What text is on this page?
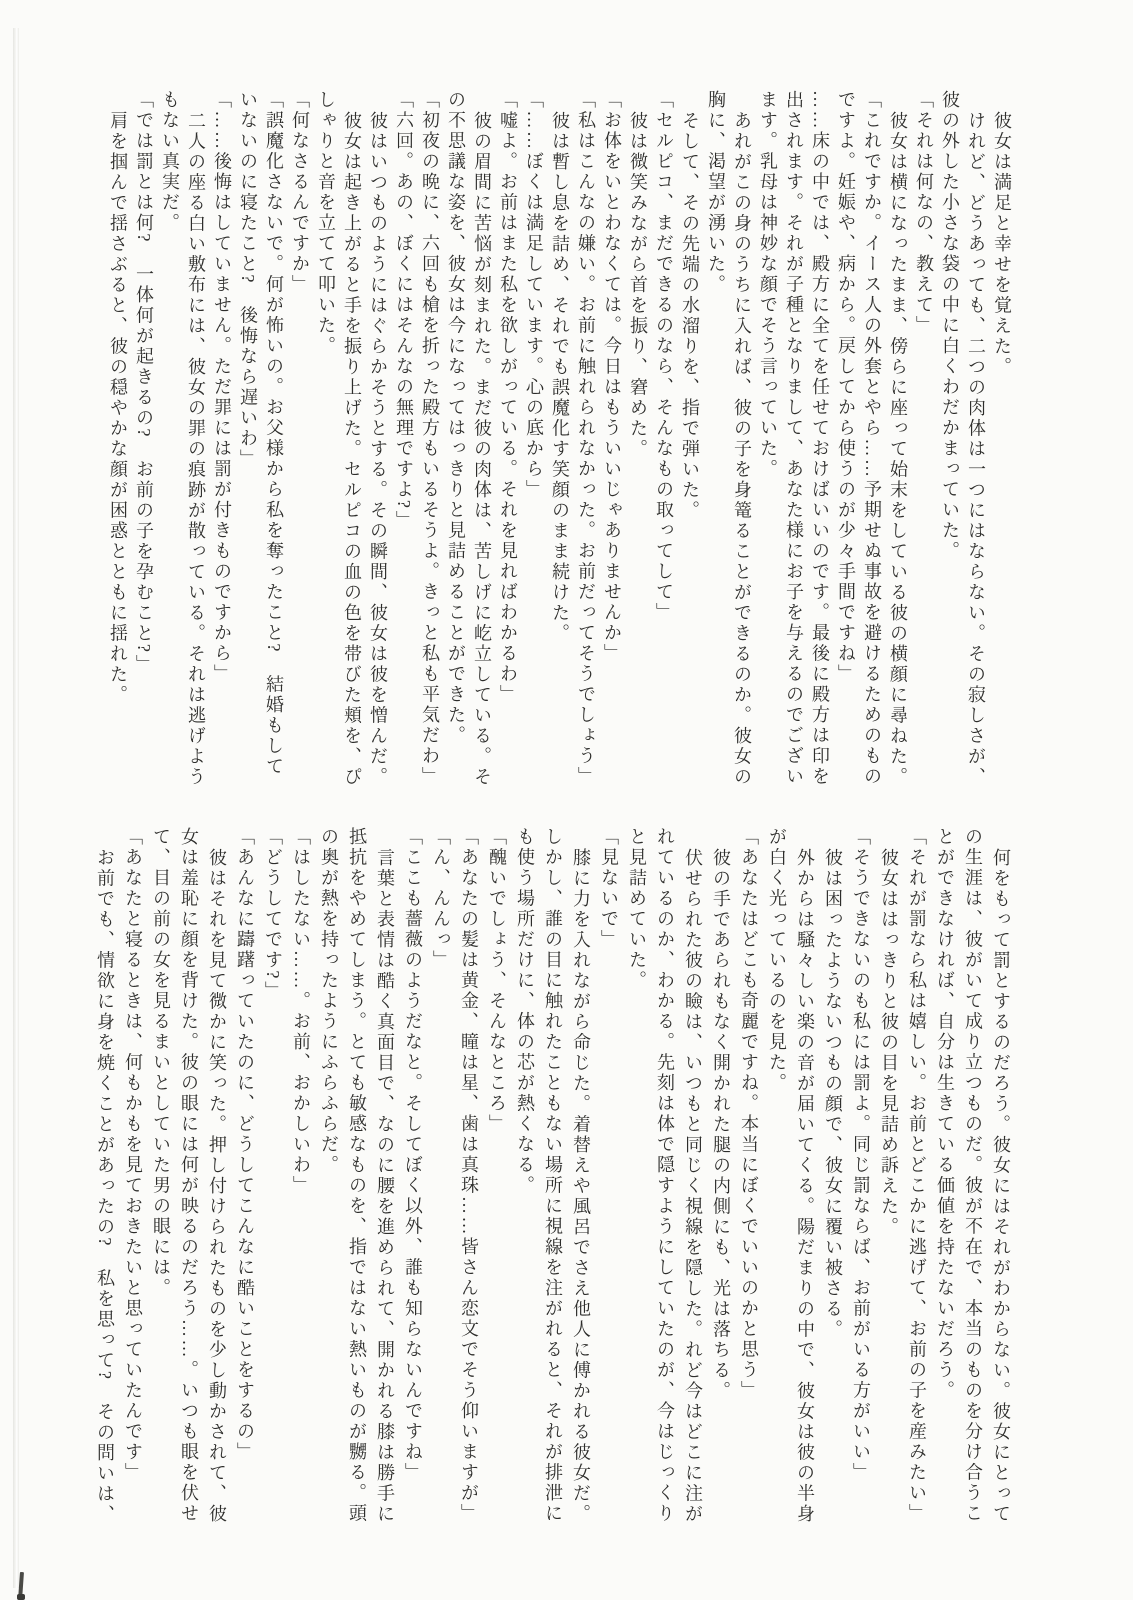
彼女は満足と幸せを覚えた。

けれど、どうあっても、二つの肉体は一つにはならない。その寂しさが、

彼の外した小さな袋の中に白くわだかまっていた。

「それは何なの、教えて」

彼女は横になったまま、傍らに座って始末をしている彼の横顔に尋ねた。

「これですか。イース人の外套とやら……予期せぬ事故を避けるためのもの

ですよ。妊娠や、病から。戻してから使うのが少々手間ですね」

……床の中では、殿方に全てを任せておけばいいのです。最後に殿方は印を

出されます。それが子種となりまして、あなた様にお子を与えるのでござい

ます。乳母は神妙な顔でそう言っていた。

あれがこの身のうちに入れば、彼の子を身篭ることができるのか。彼女の

胸に、渇望が湧いた。

そして、その先端の水溜りを、指で弾いた。

「セルピコ、まだできるのなら、そんなもの取ってして」

彼は微笑みながら首を振り、窘めた。

「お体をいとわなくては。今日はもういいじゃありませんか」

「私はこんなの嫌い。お前に触れられなかった。お前だってそうでしょう」

彼は暫し息を詰め、それでも誤魔化す笑顔のまま続けた。

「……ぼくは満足しています。心の底から」

「嘘よ。お前はまた私を欲しがっている。それを見ればわかるわ」

彼の眉間に苦悩が刻まれた。まだ彼の肉体は、苦しげに屹立している。そ

の不思議な姿を、彼女は今になってはっきりと見詰めることができた。

「初夜の晩に、六回も槍を折った殿方もいるそうよ。きっと私も平気だわ」

「六回。あの、ぼくにはそんなの無理ですよ?」

彼はいつものようにはぐらかそうとする。その瞬間、彼女は彼を憎んだ。

彼女は起き上がると手を振り上げた。セルピコの血の色を帯びた頬を、ぴ

しゃりと音を立てて叩いた。

「何なさるんですか」

「誤魔化さないで。何が怖いの。お父様から私を奪ったこと?　結婚もして

いないのに寝たこと?　後悔なら遅いわ」

「……後悔はしていません。ただ罪には罰が付きものですから」

二人の座る白い敷布には、彼女の罪の痕跡が散っている。それは逃げよう

もない真実だ。

「では罰とは何?　一体何が起きるの?　お前の子を孕むこと?」

肩を掴んで揺さぶると、彼の穏やかな顔が困惑とともに揺れた。

何をもって罰とするのだろう。彼女にはそれがわからない。彼女にとって

の生涯は、彼がいて成り立つものだ。彼が不在で、本当のものを分け合うこ

とができなければ、自分は生きている価値を持たないだろう。

「それが罰なら私は嬉しい。お前とどこかに逃げて、お前の子を産みたい」

彼女ははっきりと彼の目を見詰め訴えた。

「そうできないのも私には罰よ。同じ罰ならば、お前がいる方がいい」

彼は困ったようないつもの顔で、彼女に覆い被さる。

外からは騒々しい楽の音が届いてくる。陽だまりの中で、彼女は彼の半身

が白く光っているのを見た。

「あなたはどこも奇麗ですね。本当にぼくでいいのかと思う」

彼の手であられもなく開かれた腿の内側にも、光は落ちる。

伏せられた彼の瞼は、いつもと同じく視線を隠した。れど今はどこに注が

れているのか、わかる。先刻は体で隠すようにしていたのが、今はじっくり

と見詰めていた。

「見ないで」

膝に力を入れながら命じた。着替えや風呂でさえ他人に傅かれる彼女だ。

しかし、誰の目に触れたこともない場所に視線を注がれると、それが排泄に

も使う場所だけに、体の芯が熱くなる。

「醜いでしょう、そんなところ」

「あなたの髪は黄金、瞳は星、歯は真珠……皆さん恋文でそう仰いますが」

「ん、んんっ」

「ここも薔薇のようだなと。そしてぼく以外、誰も知らないんですね」

言葉と表情は酷く真面目で、なのに腰を進められて、開かれる膝は勝手に

抵抗をやめてしまう。とても敏感なものを、指ではない熱いものが嬲る。頭

の奥が熱を持ったようにふらふらだ。

「はしたない……。お前、おかしいわ」

「どうしてです?」

「あんなに躊躇っていたのに、どうしてこんなに酷いことをするの」

彼はそれを見て微かに笑った。押し付けられたものを少し動かされて、彼

女は羞恥に顔を背けた。彼の眼には何が映るのだろう……。いつも眼を伏せ

て、目の前の女を見るまいとしていた男の眼には。

「あなたと寝るときは、何もかもを見ておきたいと思っていたんです」

お前でも、情欲に身を焼くことがあったの?　私を思って?　その問いは、
